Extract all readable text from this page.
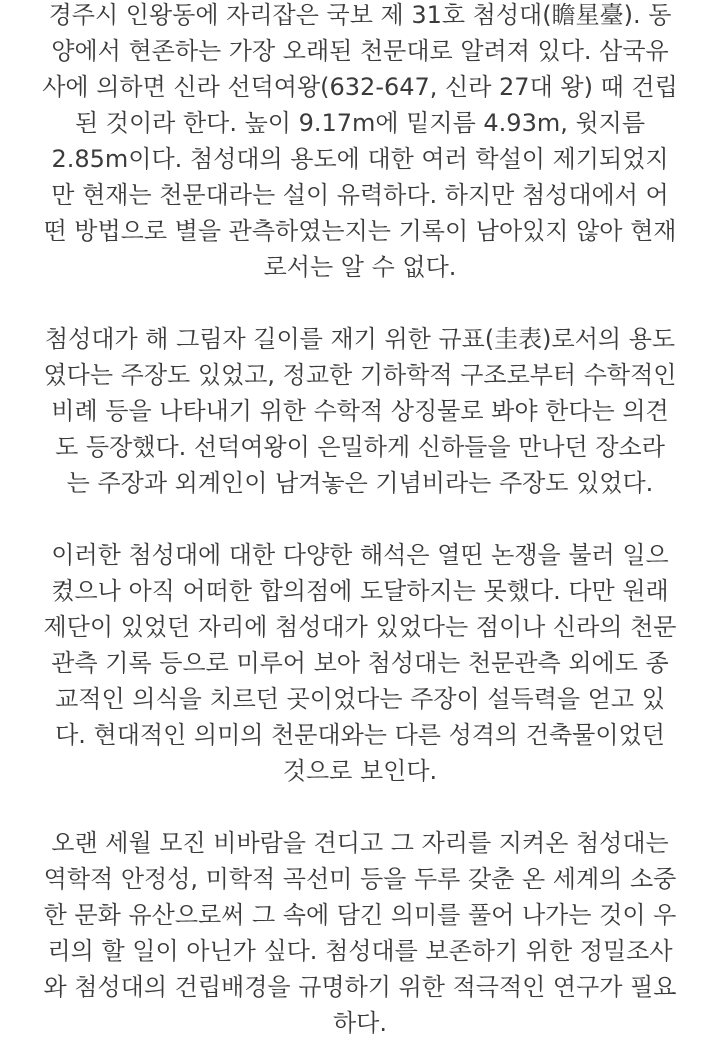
경주시 인왕동에 자리잡은 국보 제 31호 첨성대(瞻星臺). 동
양에서 현존하는 가장 오래된 천문대로 알려져 있다. 삼국유
사에 의하면 신라 선덕여왕(632-647, 신라 27대 왕) 때 건립
된 것이라 한다. 높이 9.17m에 밑지름 4.93m, 윗지름
2.85m이다. 첨성대의 용도에 대한 여러 학설이 제기되었지
만 현재는 천문대라는 설이 유력하다. 하지만 첨성대에서 어
떤 방법으로 별을 관측하였는지는 기록이 남아있지 않아 현재
로서는 알 수 없다.
첨성대가 해 그림자 길이를 재기 위한 규표(圭表)로서의 용도
였다는 주장도 있었고, 정교한 기하학적 구조로부터 수학적인
비례 등을 나타내기 위한 수학적 상징물로 봐야 한다는 의견
도 등장했다. 선덕여왕이 은밀하게 신하들을 만나던 장소라
는 주장과 외계인이 남겨놓은 기념비라는 주장도 있었다.
이러한 첨성대에 대한 다양한 해석은 열띤 논쟁을 불러 일으
켰으나 아직 어떠한 합의점에 도달하지는 못했다. 다만 원래
제단이 있었던 자리에 첨성대가 있었다는 점이나 신라의 천문
관측 기록 등으로 미루어 보아 첨성대는 천문관측 외에도 종
교적인 의식을 치르던 곳이었다는 주장이 설득력을 얻고 있
다. 현대적인 의미의 천문대와는 다른 성격의 건축물이었던
것으로 보인다.
오랜 세월 모진 비바람을 견디고 그 자리를 지켜온 첨성대는
역학적 안정성, 미학적 곡선미 등을 두루 갖춘 온 세계의 소중
한 문화 유산으로써 그 속에 담긴 의미를 풀어 나가는 것이 우
리의 할 일이 아닌가 싶다. 첨성대를 보존하기 위한 정밀조사
와 첨성대의 건립배경을 규명하기 위한 적극적인 연구가 필요
하다.
